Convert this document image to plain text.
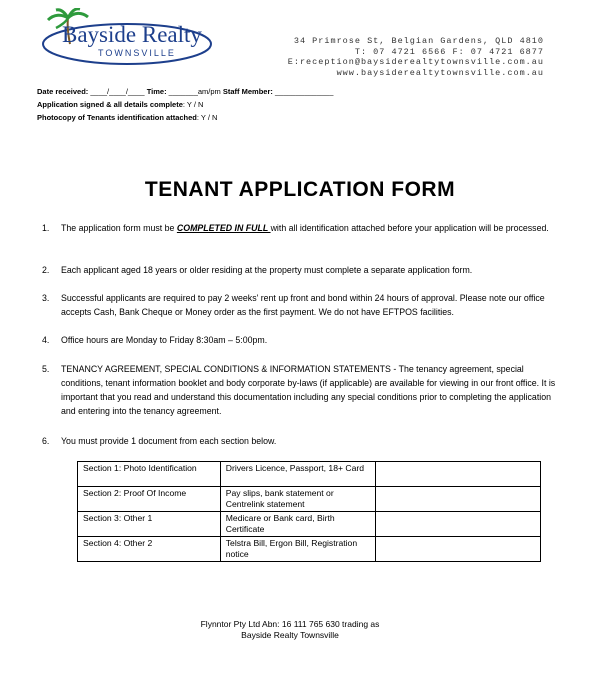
Bayside Realty
TOWNSVILLE
34 Primrose St, Belgian Gardens, QLD 4810
T: 07 4721 6566 F: 07 4721 6877
E:reception@baysiderealtytownsville.com.au
www.baysiderealtytownsville.com.au
Date received: ____/____/____ Time: _______am/pm Staff Member: ______________
Application signed & all details complete: Y / N
Photocopy of Tenants identification attached: Y / N
TENANT APPLICATION FORM
1. The application form must be COMPLETED IN FULL with all identification attached before your application will be processed.
2. Each applicant aged 18 years or older residing at the property must complete a separate application form.
3. Successful applicants are required to pay 2 weeks' rent up front and bond within 24 hours of approval. Please note our office accepts Cash, Bank Cheque or Money order as the first payment. We do not have EFTPOS facilities.
4. Office hours are Monday to Friday 8:30am – 5:00pm.
5. TENANCY AGREEMENT, SPECIAL CONDITIONS & INFORMATION STATEMENTS - The tenancy agreement, special conditions, tenant information booklet and body corporate by-laws (if applicable) are available for viewing in our front office. It is important that you read and understand this documentation including any special conditions prior to completing the application and entering into the tenancy agreement.
6. You must provide 1 document from each section below.
Section 1: Photo Identification	Drivers Licence, Passport, 18+ Card	
Section 2: Proof Of Income	Pay slips, bank statement or Centrelink statement	
Section 3: Other 1	Medicare or Bank card, Birth Certificate	
Section 4: Other 2	Telstra Bill, Ergon Bill, Registration notice	
Flynntor Pty Ltd Abn: 16 111 765 630 trading as
Bayside Realty Townsville
